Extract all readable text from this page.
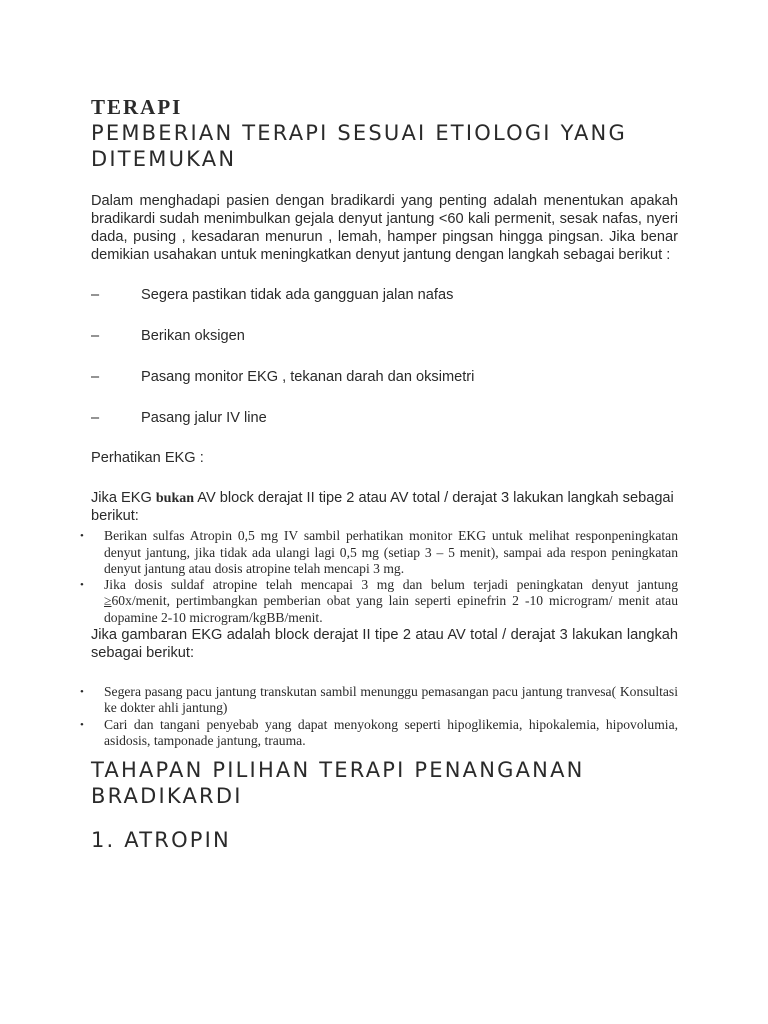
TERAPI
PEMBERIAN TERAPI SESUAI ETIOLOGI YANG DITEMUKAN

Dalam menghadapi pasien dengan bradikardi yang penting adalah menentukan apakah bradikardi sudah menimbulkan gejala denyut jantung <60 kali permenit, sesak nafas, nyeri dada, pusing , kesadaran menurun , lemah, hamper pingsan hingga pingsan. Jika benar demikian usahakan untuk meningkatkan denyut jantung dengan langkah sebagai berikut :

–	Segera pastikan tidak ada gangguan jalan nafas
–	Berikan oksigen
–	Pasang monitor EKG , tekanan darah dan oksimetri
–	Pasang jalur IV line

Perhatikan EKG :

Jika EKG bukan AV block derajat II tipe 2 atau AV total / derajat 3 lakukan langkah sebagai berikut:

• Berikan sulfas Atropin 0,5 mg IV sambil perhatikan monitor EKG untuk melihat responpeningkatan denyut jantung, jika tidak ada ulangi lagi 0,5 mg (setiap 3 – 5 menit), sampai ada respon peningkatan denyut jantung atau dosis atropine telah mencapi 3 mg.
• Jika dosis suldaf atropine telah mencapai 3 mg dan belum terjadi peningkatan denyut jantung ≥60x/menit, pertimbangkan pemberian obat yang lain seperti epinefrin 2 -10 microgram/ menit atau dopamine 2-10 microgram/kgBB/menit.

Jika gambaran EKG adalah block derajat II tipe 2 atau AV total / derajat 3 lakukan langkah sebagai berikut:

• Segera pasang pacu jantung transkutan sambil menunggu pemasangan pacu jantung tranvesa( Konsultasi ke dokter ahli jantung)
• Cari dan tangani penyebab yang dapat menyokong seperti hipoglikemia, hipokalemia, hipovolumia, asidosis, tamponade jantung, trauma.
TAHAPAN PILIHAN TERAPI PENANGANAN BRADIKARDI
1. ATROPIN
